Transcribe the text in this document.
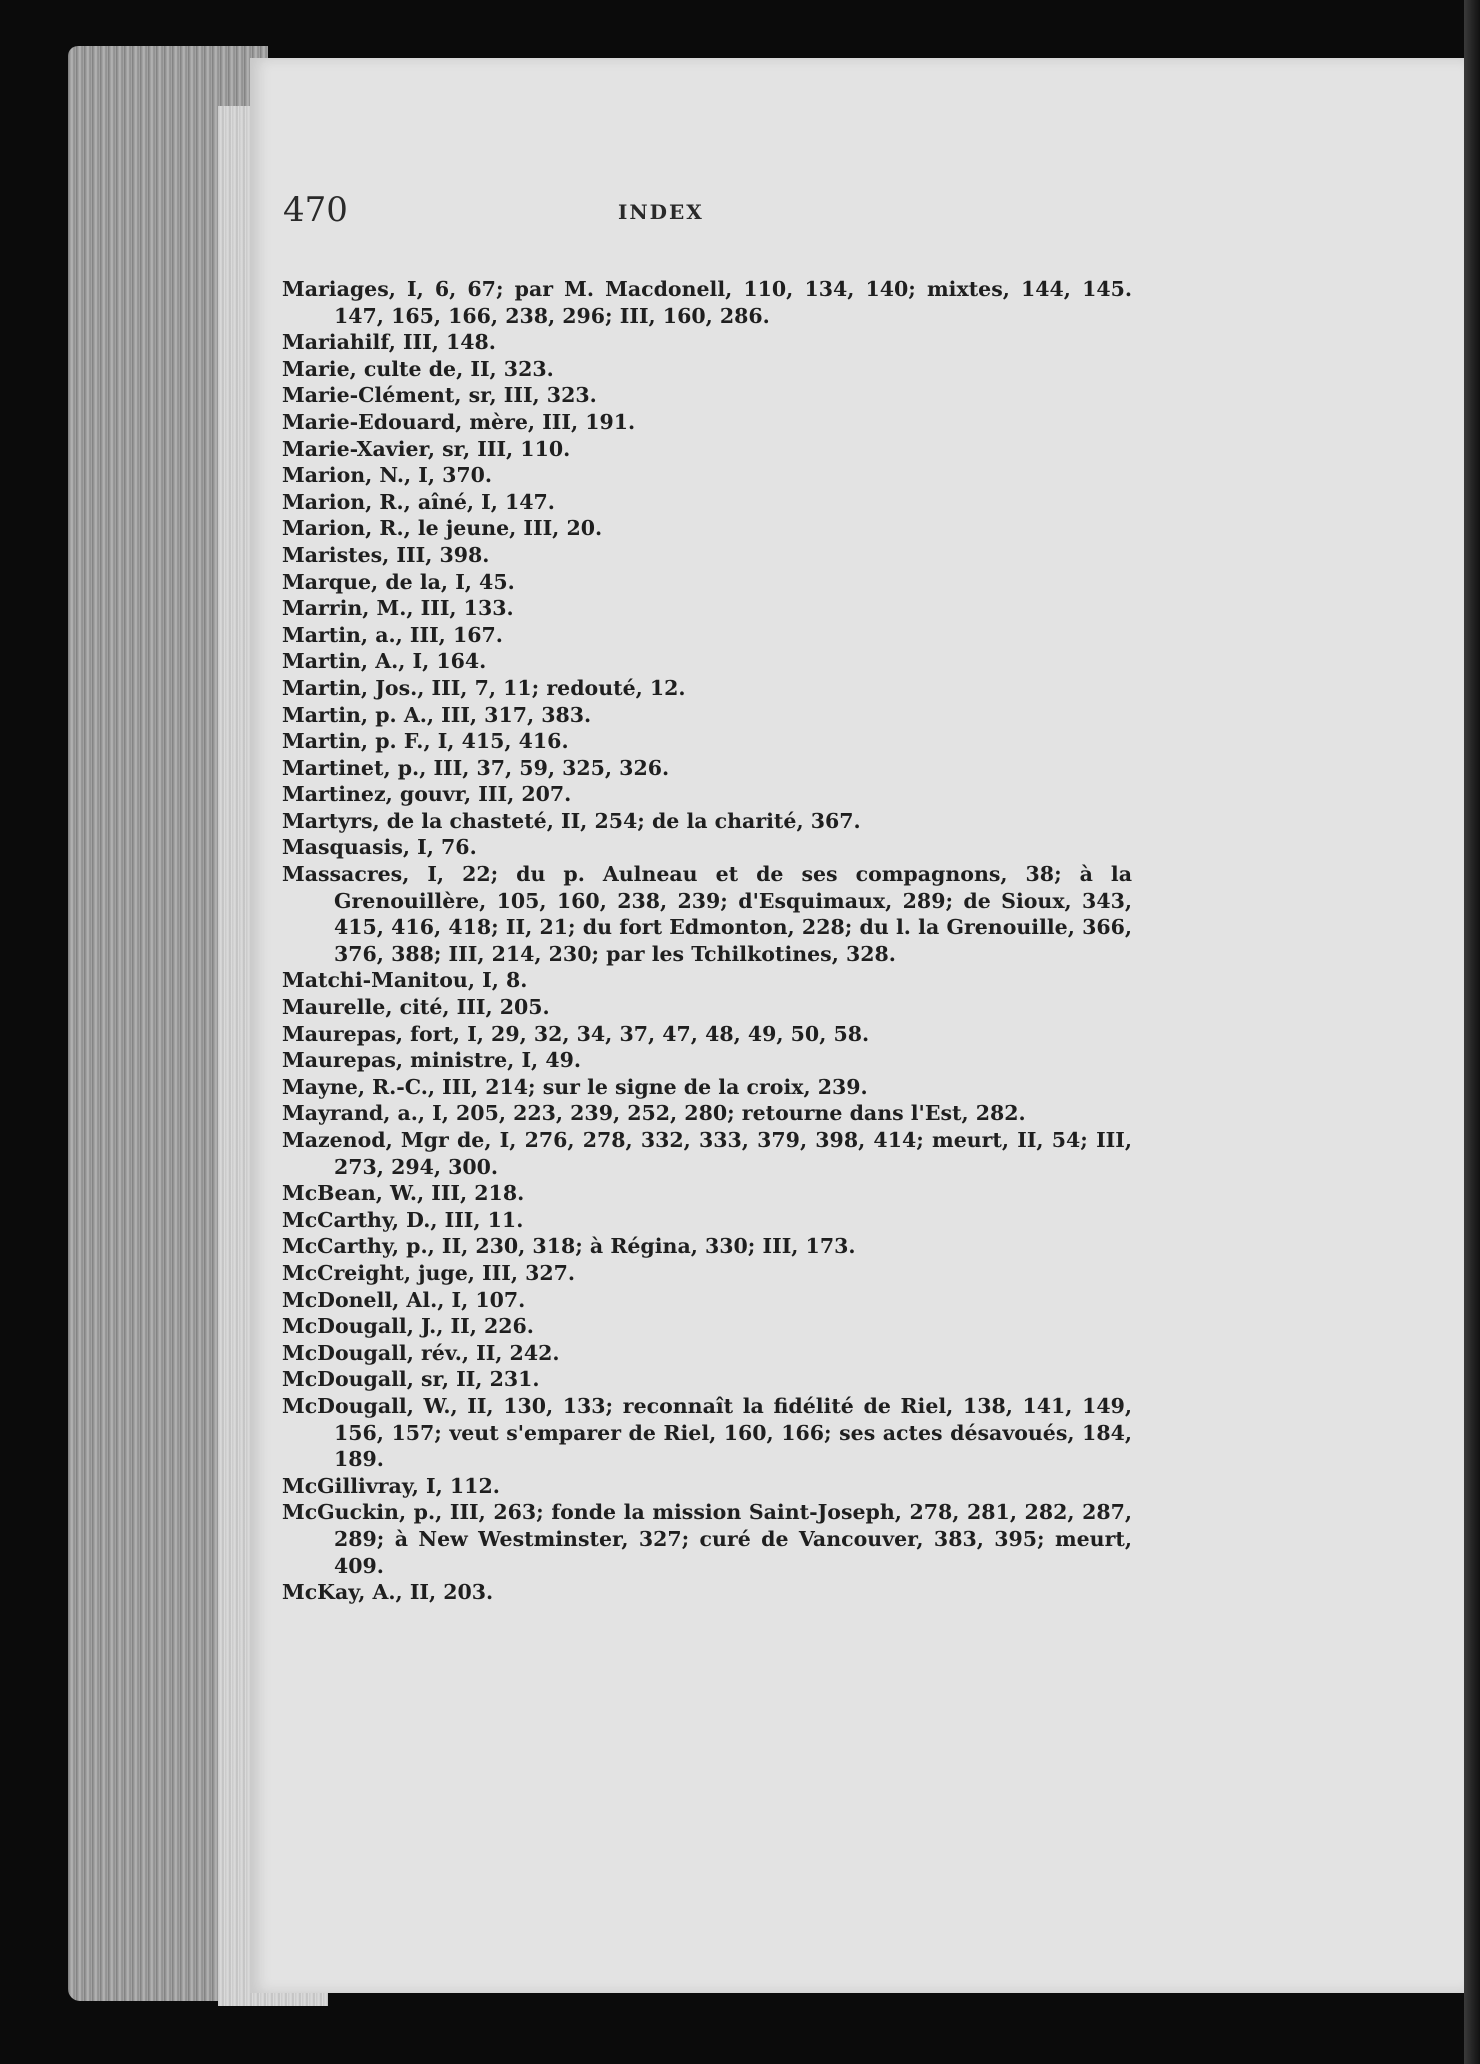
470	INDEX
Mariages, I, 6, 67; par M. Macdonell, 110, 134, 140; mixtes, 144, 145. 147, 165, 166, 238, 296; III, 160, 286.
Mariahilf, III, 148.
Marie, culte de, II, 323.
Marie-Clément, sr, III, 323.
Marie-Edouard, mère, III, 191.
Marie-Xavier, sr, III, 110.
Marion, N., I, 370.
Marion, R., aîné, I, 147.
Marion, R., le jeune, III, 20.
Maristes, III, 398.
Marque, de la, I, 45.
Marrin, M., III, 133.
Martin, a., III, 167.
Martin, A., I, 164.
Martin, Jos., III, 7, 11; redouté, 12.
Martin, p. A., III, 317, 383.
Martin, p. F., I, 415, 416.
Martinet, p., III, 37, 59, 325, 326.
Martinez, gouvr, III, 207.
Martyrs, de la chasteté, II, 254; de la charité, 367.
Masquasis, I, 76.
Massacres, I, 22; du p. Aulneau et de ses compagnons, 38; à la Grenouillère, 105, 160, 238, 239; d'Esquimaux, 289; de Sioux, 343, 415, 416, 418; II, 21; du fort Edmonton, 228; du l. la Grenouille, 366, 376, 388; III, 214, 230; par les Tchilkotines, 328.
Matchi-Manitou, I, 8.
Maurelle, cité, III, 205.
Maurepas, fort, I, 29, 32, 34, 37, 47, 48, 49, 50, 58.
Maurepas, ministre, I, 49.
Mayne, R.-C., III, 214; sur le signe de la croix, 239.
Mayrand, a., I, 205, 223, 239, 252, 280; retourne dans l'Est, 282.
Mazenod, Mgr de, I, 276, 278, 332, 333, 379, 398, 414; meurt, II, 54; III, 273, 294, 300.
McBean, W., III, 218.
McCarthy, D., III, 11.
McCarthy, p., II, 230, 318; à Régina, 330; III, 173.
McCreight, juge, III, 327.
McDonell, Al., I, 107.
McDougall, J., II, 226.
McDougall, rév., II, 242.
McDougall, sr, II, 231.
McDougall, W., II, 130, 133; reconnaît la fidélité de Riel, 138, 141, 149, 156, 157; veut s'emparer de Riel, 160, 166; ses actes désavoués, 184, 189.
McGillivray, I, 112.
McGuckin, p., III, 263; fonde la mission Saint-Joseph, 278, 281, 282, 287, 289; à New Westminster, 327; curé de Vancouver, 383, 395; meurt, 409.
McKay, A., II, 203.
